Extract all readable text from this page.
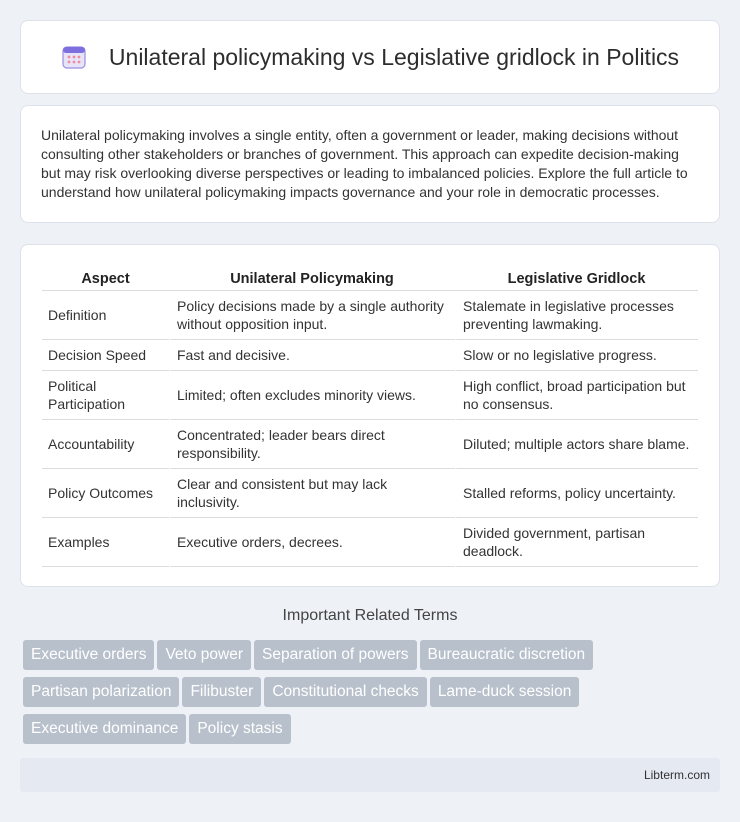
Unilateral policymaking vs Legislative gridlock in Politics

Unilateral policymaking involves a single entity, often a government or leader, making decisions without consulting other stakeholders or branches of government. This approach can expedite decision-making but may risk overlooking diverse perspectives or leading to imbalanced policies. Explore the full article to understand how unilateral policymaking impacts governance and your role in democratic processes.

Aspect	Unilateral Policymaking	Legislative Gridlock
Definition	Policy decisions made by a single authority without opposition input.	Stalemate in legislative processes preventing lawmaking.
Decision Speed	Fast and decisive.	Slow or no legislative progress.
Political Participation	Limited; often excludes minority views.	High conflict, broad participation but no consensus.
Accountability	Concentrated; leader bears direct responsibility.	Diluted; multiple actors share blame.
Policy Outcomes	Clear and consistent but may lack inclusivity.	Stalled reforms, policy uncertainty.
Examples	Executive orders, decrees.	Divided government, partisan deadlock.
Important Related Terms
Executive orders Veto power Separation of powers Bureaucratic discretion
Partisan polarization Filibuster Constitutional checks Lame-duck session
Executive dominance Policy stasis
Libterm.com
